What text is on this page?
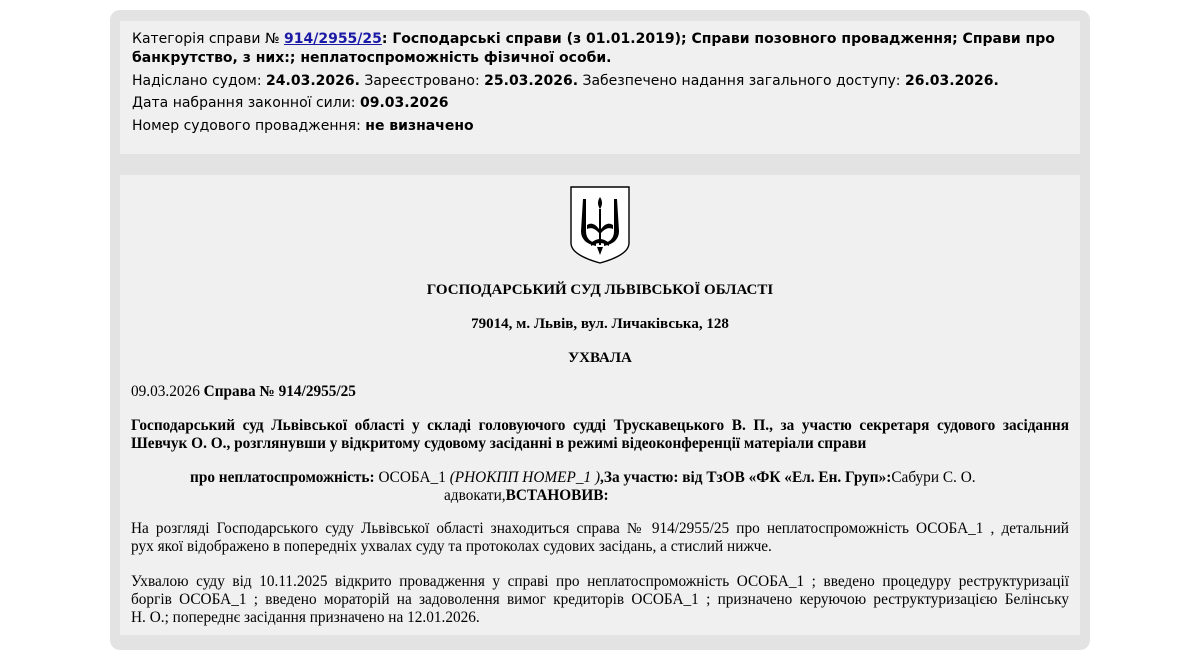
Категорія справи № 914/2955/25: Господарські справи (з 01.01.2019); Справи позовного провадження; Справи про
банкрутство, з них:; неплатоспроможність фізичної особи.
Надіслано судом: 24.03.2026. Зареєстровано: 25.03.2026. Забезпечено надання загального доступу: 26.03.2026.
Дата набрання законної сили: 09.03.2026
Номер судового провадження: не визначено
ГОСПОДАРСЬКИЙ СУД ЛЬВІВСЬКОЇ ОБЛАСТІ
79014, м. Львів, вул. Личаківська, 128
УХВАЛА
09.03.2026 Справа № 914/2955/25
Господарський суд Львівської області у складі головуючого судді Трускавецького В. П., за участю секретаря судового засідання
Шевчук О. О., розглянувши у відкритому судовому засіданні в режимі відеоконференції матеріали справи
про неплатоспроможність: ОСОБА_1 (РНОКПП НОМЕР_1 ),За участю: від ТзОВ «ФК «Ел. Ен. Груп»:Сабури С. О.
адвокати,ВСТАНОВИВ:
На розгляді Господарського суду Львівської області знаходиться справа № 914/2955/25 про неплатоспроможність ОСОБА_1 , детальний
рух якої відображено в попередніх ухвалах суду та протоколах судових засідань, а стислий нижче.
Ухвалою суду від 10.11.2025 відкрито провадження у справі про неплатоспроможність ОСОБА_1 ; введено процедуру реструктуризації
боргів ОСОБА_1 ; введено мораторій на задоволення вимог кредиторів ОСОБА_1 ; призначено керуючою реструктуризацією Белінську
Н. О.; попереднє засідання призначено на 12.01.2026.
